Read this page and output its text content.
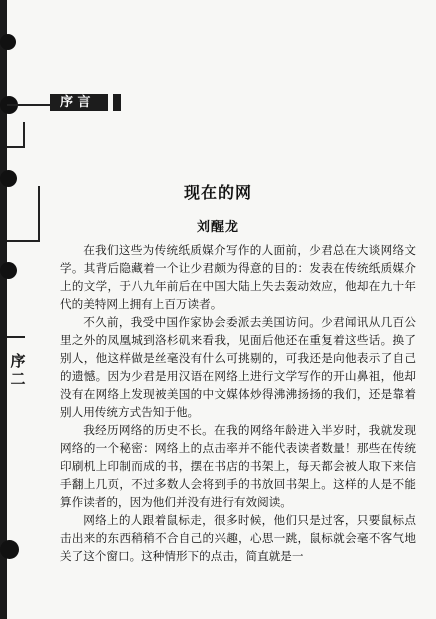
序 言
序
二
现在的网
刘醒龙

在我们这些为传统纸质媒介写作的人面前，少君总在大谈网络文学。其背后隐藏着一个让少君颇为得意的目的：发表在传统纸质媒介上的文学，于八九年前后在中国大陆上失去轰动效应，他却在九十年代的美特网上拥有上百万读者。

不久前，我受中国作家协会委派去美国访问。少君闻讯从几百公里之外的凤凰城到洛杉矶来看我，见面后他还在重复着这些话。换了别人，他这样做是丝毫没有什么可挑剔的，可我还是向他表示了自己的遗憾。因为少君是用汉语在网络上进行文学写作的开山鼻祖，他却没有在网络上发现被美国的中文媒体炒得沸沸扬扬的我们，还是靠着别人用传统方式告知于他。

我经历网络的历史不长。在我的网络年龄进入半岁时，我就发现网络的一个秘密：网络上的点击率并不能代表读者数量！那些在传统印刷机上印制而成的书，摆在书店的书架上，每天都会被人取下来信手翻上几页，不过多数人会将到手的书放回书架上。这样的人是不能算作读者的，因为他们并没有进行有效阅读。

网络上的人跟着鼠标走，很多时候，他们只是过客，只要鼠标点击出来的东西稍稍不合自己的兴趣，心思一跳，鼠标就会毫不客气地关了这个窗口。这种情形下的点击，简直就是一
